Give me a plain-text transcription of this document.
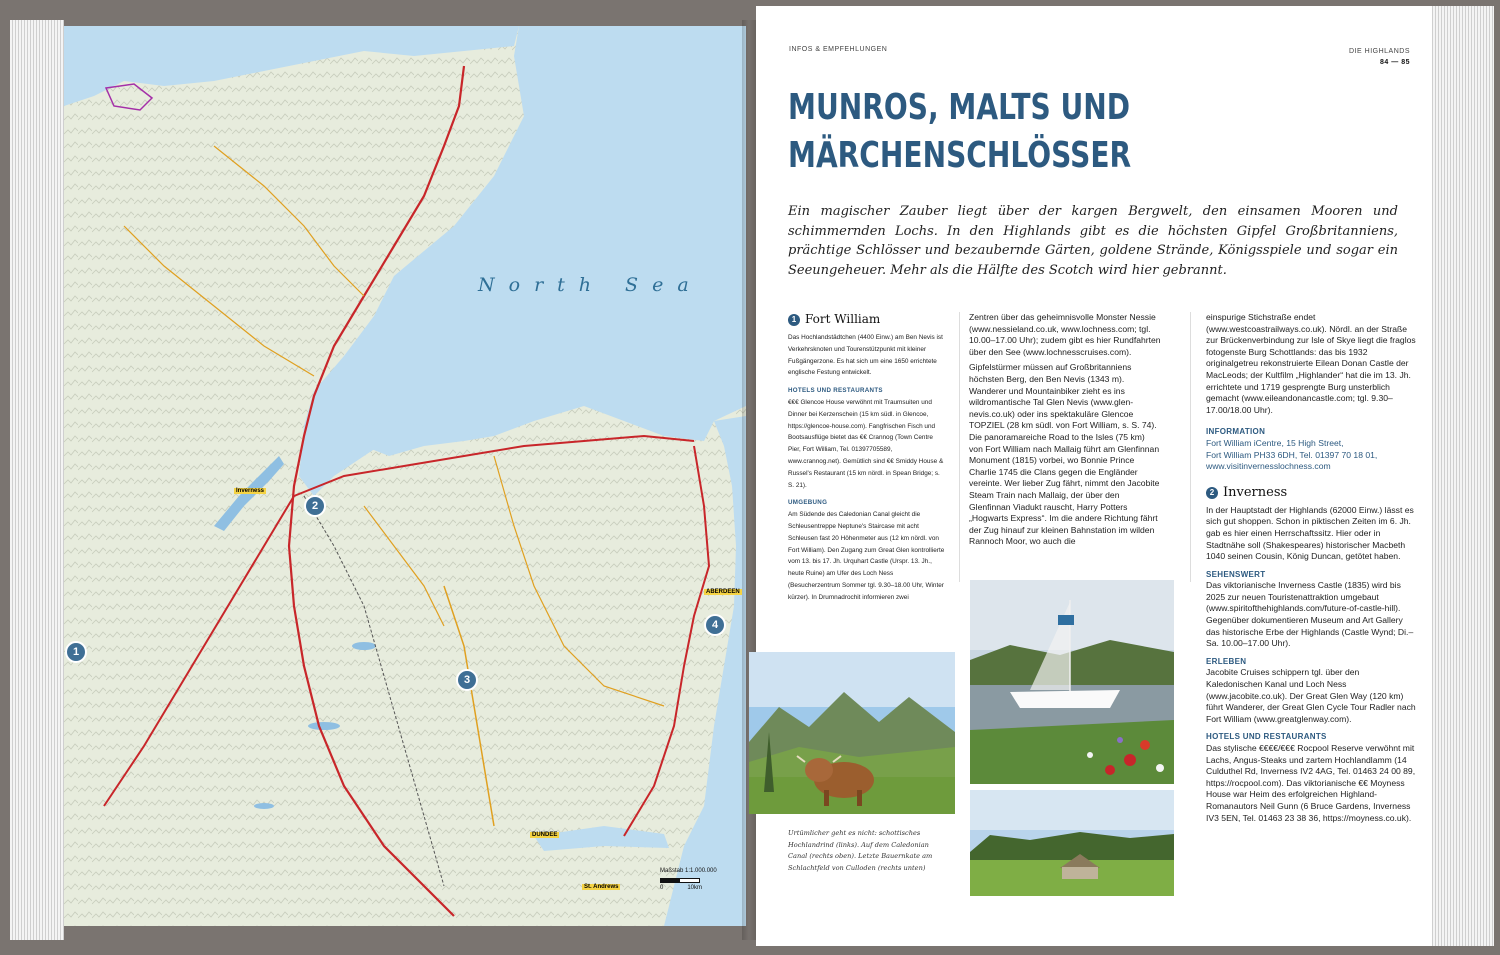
North Sea
Inverness
ABERDEEN
DUNDEE
St. Andrews
1
2
3
4
Maßstab 1:1.000.000
0	10km
INFOS & EMPFEHLUNGEN	DIE HIGHLANDS
84 — 85
MUNROS, MALTS UND
MÄRCHENSCHLÖSSER
Ein magischer Zauber liegt über der kargen Bergwelt, den einsamen Mooren und schimmernden Lochs. In den Highlands gibt es die höchsten Gipfel Großbritanniens, prächtige Schlösser und bezaubernde Gärten, goldene Strände, Königsspiele und sogar ein Seeungeheuer. Mehr als die Hälfte des Scotch wird hier gebrannt.
1 Fort William

Das Hochlandstädtchen (4400 Einw.) am Ben Nevis ist Verkehrsknoten und Tourenstützpunkt mit kleiner Fußgängerzone. Es hat sich um eine 1650 errichtete englische Festung entwickelt.

HOTELS UND RESTAURANTS

€€€ Glencoe House verwöhnt mit Traumsuiten und Dinner bei Kerzenschein (15 km südl. in Glencoe, https://glencoe-house.com). Fangfrischen Fisch und Bootsausflüge bietet das €€ Crannog (Town Centre Pier, Fort William, Tel. 01397705589, www.crannog.net). Gemütlich sind €€ Smiddy House & Russel's Restaurant (15 km nördl. in Spean Bridge; s. S. 21).

UMGEBUNG

Am Südende des Caledonian Canal gleicht die Schleusentreppe Neptune's Staircase mit acht Schleusen fast 20 Höhenmeter aus (12 km nördl. von Fort William). Den Zugang zum Great Glen kontrollierte vom 13. bis 17. Jh. Urquhart Castle (Urspr. 13. Jh., heute Ruine) am Ufer des Loch Ness (Besucherzentrum Sommer tgl. 9.30–18.00 Uhr, Winter kürzer). In Drumnadrochit informieren zwei

Zentren über das geheimnisvolle Monster Nessie (www.nessieland.co.uk, www.lochness.com; tgl. 10.00–17.00 Uhr); zudem gibt es hier Rundfahrten über den See (www.lochnesscruises.com).

Gipfelstürmer müssen auf Großbritanniens höchsten Berg, den Ben Nevis (1343 m). Wanderer und Mountainbiker zieht es ins wildromantische Tal Glen Nevis (www.glen-nevis.co.uk) oder ins spektakuläre Glencoe TOPZIEL (28 km südl. von Fort William, s. S. 74). Die panoramareiche Road to the Isles (75 km) von Fort William nach Mallaig führt am Glenfinnan Monument (1815) vorbei, wo Bonnie Prince Charlie 1745 die Clans gegen die Engländer vereinte. Wer lieber Zug fährt, nimmt den Jacobite Steam Train nach Mallaig, der über den Glenfinnan Viadukt rauscht, Harry Potters „Hogwarts Express“. Im die andere Richtung fährt der Zug hinauf zur kleinen Bahnstation im wilden Rannoch Moor, wo auch die

einspurige Stichstraße endet (www.westcoastrailways.co.uk). Nördl. an der Straße zur Brückenverbindung zur Isle of Skye liegt die fraglos fotogenste Burg Schottlands: das bis 1932 originalgetreu rekonstruierte Eilean Donan Castle der MacLeods; der Kultfilm „Highlander“ hat die im 13. Jh. errichtete und 1719 gesprengte Burg unsterblich gemacht (www.eileandonancastle.com; tgl. 9.30–17.00/18.00 Uhr).

INFORMATION
Fort William iCentre, 15 High Street,
Fort William PH33 6DH, Tel. 01397 70 18 01,
www.visitinvernesslochness.com
2 Inverness

In der Hauptstadt der Highlands (62000 Einw.) lässt es sich gut shoppen. Schon in piktischen Zeiten im 6. Jh. gab es hier einen Herrschaftssitz. Hier oder in Stadtnähe soll (Shakespeares) historischer Macbeth 1040 seinen Cousin, König Duncan, getötet haben.

SEHENSWERT

Das viktorianische Inverness Castle (1835) wird bis 2025 zur neuen Touristenattraktion umgebaut (www.spiritofthehighlands.com/future-of-castle-hill). Gegenüber dokumentieren Museum and Art Gallery das historische Erbe der Highlands (Castle Wynd; Di.–Sa. 10.00–17.00 Uhr).

ERLEBEN

Jacobite Cruises schippern tgl. über den Kaledonischen Kanal und Loch Ness (www.jacobite.co.uk). Der Great Glen Way (120 km) führt Wanderer, der Great Glen Cycle Tour Radler nach Fort William (www.greatglenway.com).

HOTELS UND RESTAURANTS

Das stylische €€€€/€€€ Rocpool Reserve verwöhnt mit Lachs, Angus-Steaks und zartem Hochlandlamm (14 Culduthel Rd, Inverness IV2 4AG, Tel. 01463 24 00 89, https://rocpool.com). Das viktorianische €€ Moyness House war Heim des erfolgreichen Highland-Romanautors Neil Gunn (6 Bruce Gardens, Inverness IV3 5EN, Tel. 01463 23 38 36, https://moyness.co.uk).

Urtümlicher geht es nicht: schottisches Hochlandrind (links). Auf dem Caledonian Canal (rechts oben). Letzte Bauernkate am Schlachtfeld von Culloden (rechts unten)
